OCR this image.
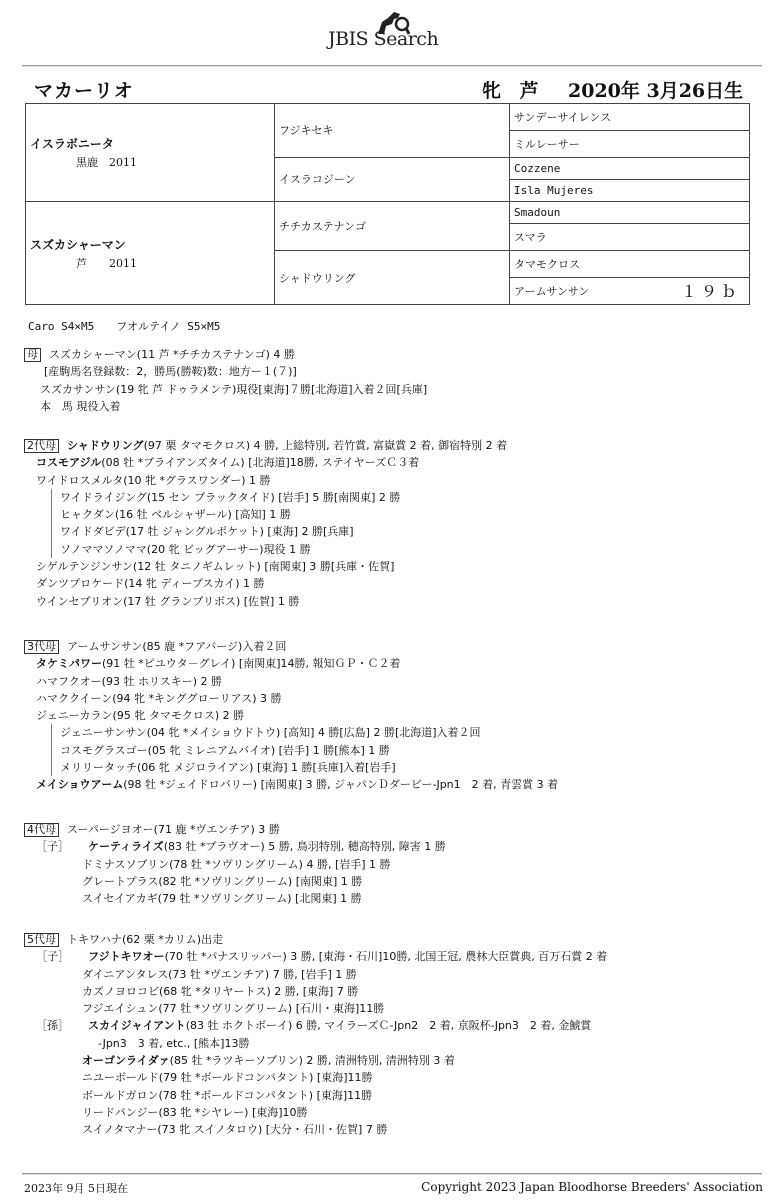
JBIS Search
マカーリオ	牝 芦 2020年 3月26日生
イスラボニータ
黒鹿　2011	フジキセキ	サンデーサイレンス
		ミルレーサー
	イスラコジーン	Cozzene
		Isla Mujeres

スズカシャーマン
芦　　2011	チチカステナンゴ	Smadoun
		スマラ
	シャドウリング	タマモクロス
		アームサンサン １９ｂ
Caro S4×M5　　フオルテイノ S5×M5
母 スズカシャーマン(11 芦 *チチカステナンゴ) 4 勝
[産駒馬名登録数：2，勝馬(勝鞍)数：地方ー１(７)]
スズカサンサン(19 牝 芦 ドゥラメンテ)現役[東海]７勝[北海道]入着２回[兵庫]
本　馬 現役入着
2代母 シャドウリング(97 栗 タマモクロス) 4 勝, 上総特別, 若竹賞, 富嶽賞 2 着, 御宿特別 2 着
コスモアジル(08 牡 *ブライアンズタイム) [北海道]18勝, ステイヤーズＣ３着
ワイドロスメルタ(10 牝 *グラスワンダー) 1 勝
ワイドライジング(15 セン ブラックタイド) [岩手] 5 勝[南関東] 2 勝
ヒャクダン(16 牡 ベルシャザール) [高知] 1 勝
ワイドダビデ(17 牡 ジャングルポケット) [東海] 2 勝[兵庫]
ソノママソノママ(20 牝 ビッグアーサー)現役 1 勝
シゲルテンジンサン(12 牡 タニノギムレット) [南関東] 3 勝[兵庫・佐賀]
ダンツプロケード(14 牝 ディープスカイ) 1 勝
ウインセプリオン(17 牡 グランプリボス) [佐賀] 1 勝
3代母 アームサンサン(85 鹿 *フアバージ)入着２回
タケミパワー(91 牡 *ピユウタ－グレイ) [南関東]14勝, 報知ＧＰ・Ｃ２着
ハマフクオー(93 牡 ホリスキー) 2 勝
ハマククイーン(94 牝 *キンググローリアス) 3 勝
ジェニーカラン(95 牝 タマモクロス) 2 勝
ジェニーサンサン(04 牝 *メイショウドトウ) [高知] 4 勝[広島] 2 勝[北海道]入着２回
コスモグラスゴー(05 牝 ミレニアムバイオ) [岩手] 1 勝[熊本] 1 勝
メリリータッチ(06 牝 メジロライアン) [東海] 1 勝[兵庫]入着[岩手]
メイショウアーム(98 牡 *ジェイドロバリー) [南関東] 3 勝, ジャパンＤダービー-Jpn1　2 着, 青雲賞 3 着
4代母 スーパージヨオー(71 鹿 *ヴエンチア) 3 勝
［子］ ケーティライズ(83 牡 *ブラヴオー) 5 勝, 鳥羽特別, 穂高特別, 障害 1 勝
ドミナスソブリン(78 牡 *ソヴリングリーム) 4 勝, [岩手] 1 勝
グレートプラス(82 牝 *ソヴリングリーム) [南関東] 1 勝
スイセイアカギ(79 牡 *ソヴリングリーム) [北関東] 1 勝
5代母 トキワハナ(62 栗 *カリム)出走
［子］ フジトキワオー(70 牡 *パナスリッパー) 3 勝, [東海・石川]10勝, 北国王冠, 農林大臣賞典, 百万石賞 2 着
ダイニアンタレス(73 牡 *ヴエンチア) 7 勝, [岩手] 1 勝
カズノヨロコビ(68 牝 *タリヤートス) 2 勝, [東海] 7 勝
フジエイシュン(77 牡 *ソヴリングリーム) [石川・東海]11勝
［孫］ スカイジャイアント(83 牡 ホクトボーイ) 6 勝, マイラーズＣ-Jpn2　2 着, 京阪杯-Jpn3　2 着, 金鯱賞
-Jpn3　3 着, etc., [熊本]13勝
オーゴンライダァ(85 牡 *ラツキーソブリン) 2 勝, 清洲特別, 清洲特別 3 着
ニユーボールド(79 牡 *ボールドコンパタント) [東海]11勝
ボールドガロン(78 牡 *ボールドコンパタント) [東海]11勝
リードパンジー(83 牝 *シヤレー) [東海]10勝
スイノタマナー(73 牝 スイノタロウ) [大分・石川・佐賀] 7 勝
2023年 9月 5日現在	Copyright 2023 Japan Bloodhorse Breeders' Association
